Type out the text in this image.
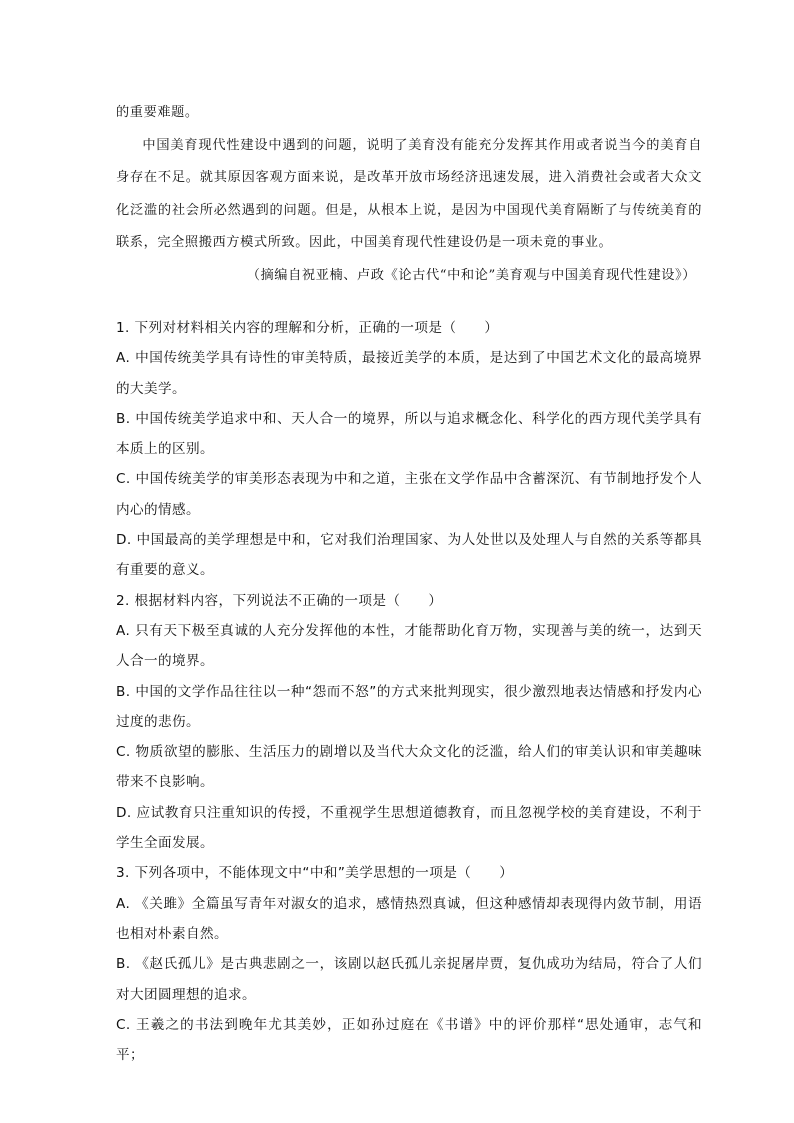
的重要难题。

中国美育现代性建设中遇到的问题，说明了美育没有能充分发挥其作用或者说当今的美育自身存在不足。就其原因客观方面来说，是改革开放市场经济迅速发展，进入消费社会或者大众文化泛滥的社会所必然遇到的问题。但是，从根本上说，是因为中国现代美育隔断了与传统美育的联系，完全照搬西方模式所致。因此，中国美育现代性建设仍是一项未竟的事业。

（摘编自祝亚楠、卢政《论古代“中和论”美育观与中国美育现代性建设》）

1. 下列对材料相关内容的理解和分析，正确的一项是（　　）

A. 中国传统美学具有诗性的审美特质，最接近美学的本质，是达到了中国艺术文化的最高境界的大美学。

B. 中国传统美学追求中和、天人合一的境界，所以与追求概念化、科学化的西方现代美学具有本质上的区别。

C. 中国传统美学的审美形态表现为中和之道，主张在文学作品中含蓄深沉、有节制地抒发个人内心的情感。

D. 中国最高的美学理想是中和，它对我们治理国家、为人处世以及处理人与自然的关系等都具有重要的意义。

2. 根据材料内容，下列说法不正确的一项是（　　）

A. 只有天下极至真诚的人充分发挥他的本性，才能帮助化育万物，实现善与美的统一，达到天人合一的境界。

B. 中国的文学作品往往以一种“怨而不怒”的方式来批判现实，很少激烈地表达情感和抒发内心过度的悲伤。

C. 物质欲望的膨胀、生活压力的剧增以及当代大众文化的泛滥，给人们的审美认识和审美趣味带来不良影响。

D. 应试教育只注重知识的传授，不重视学生思想道德教育，而且忽视学校的美育建设，不利于学生全面发展。

3. 下列各项中，不能体现文中“中和”美学思想的一项是（　　）

A. 《关雎》全篇虽写青年对淑女的追求，感情热烈真诚，但这种感情却表现得内敛节制，用语也相对朴素自然。

B. 《赵氏孤儿》是古典悲剧之一，该剧以赵氏孤儿亲捉屠岸贾，复仇成功为结局，符合了人们对大团圆理想的追求。

C. 王羲之的书法到晚年尤其美妙，正如孙过庭在《书谱》中的评价那样“思处通审，志气和平；
